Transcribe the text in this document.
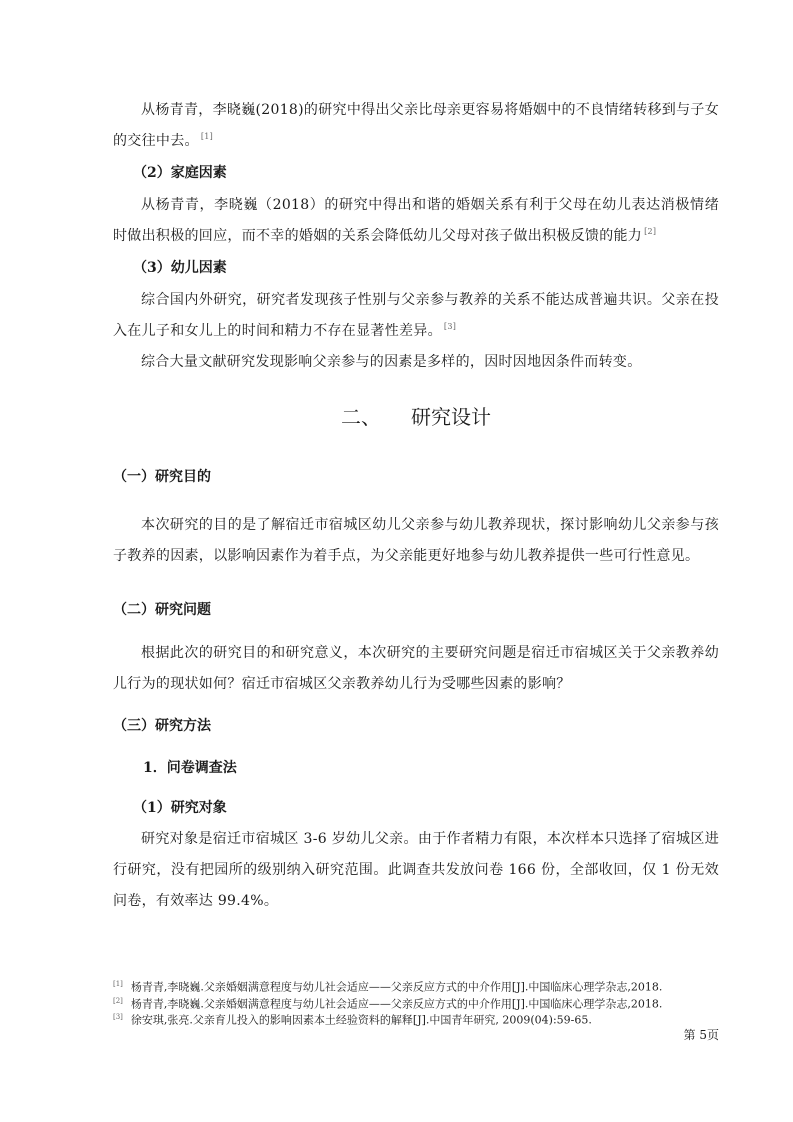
从杨青青，李晓巍(2018)的研究中得出父亲比母亲更容易将婚姻中的不良情绪转移到与子女的交往中去。 [1]

（2）家庭因素

从杨青青，李晓巍（2018）的研究中得出和谐的婚姻关系有利于父母在幼儿表达消极情绪时做出积极的回应，而不幸的婚姻的关系会降低幼儿父母对孩子做出积极反馈的能力 [2]

（3）幼儿因素

综合国内外研究，研究者发现孩子性别与父亲参与教养的关系不能达成普遍共识。父亲在投入在儿子和女儿上的时间和精力不存在显著性差异。 [3]

综合大量文献研究发现影响父亲参与的因素是多样的，因时因地因条件而转变。

二、 研究设计
（一）研究目的

本次研究的目的是了解宿迁市宿城区幼儿父亲参与幼儿教养现状，探讨影响幼儿父亲参与孩子教养的因素，以影响因素作为着手点，为父亲能更好地参与幼儿教养提供一些可行性意见。

（二）研究问题

根据此次的研究目的和研究意义，本次研究的主要研究问题是宿迁市宿城区关于父亲教养幼儿行为的现状如何？宿迁市宿城区父亲教养幼儿行为受哪些因素的影响？

（三）研究方法
1．问卷调查法
（1）研究对象

研究对象是宿迁市宿城区 3-6 岁幼儿父亲。由于作者精力有限，本次样本只选择了宿城区进行研究，没有把园所的级别纳入研究范围。此调查共发放问卷 166 份，全部收回，仅 1 份无效问卷，有效率达 99.4%。

[1] 杨青青,李晓巍.父亲婚姻满意程度与幼儿社会适应——父亲反应方式的中介作用[J].中国临床心理学杂志,2018.
[2] 杨青青,李晓巍.父亲婚姻满意程度与幼儿社会适应——父亲反应方式的中介作用[J].中国临床心理学杂志,2018.
[3] 徐安琪,张亮.父亲育儿投入的影响因素本土经验资料的解释[J].中国青年研究, 2009(04):59-65.
第 5页
